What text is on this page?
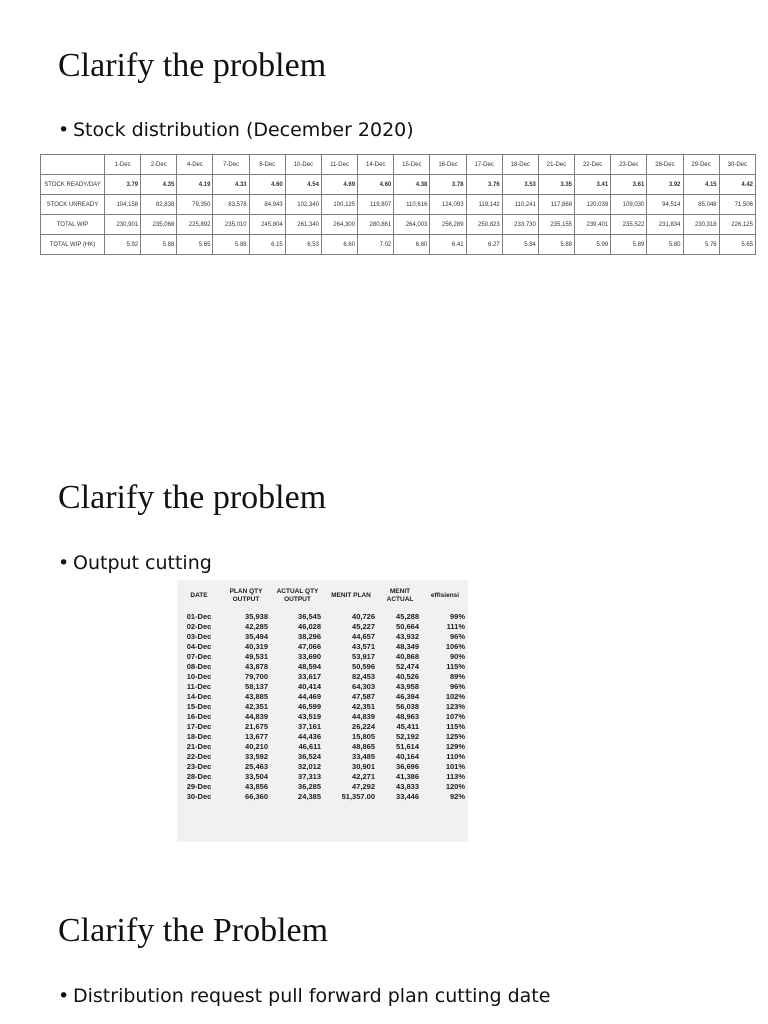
Clarify the problem

• Stock distribution (December 2020)

	1-Dec	2-Dec	4-Dec	7-Dec	8-Dec	10-Dec	11-Dec	14-Dec	15-Dec	16-Dec	17-Dec	18-Dec	21-Dec	22-Dec	23-Dec	28-Dec	29-Dec	30-Dec
STOCK READY/DAY	3.79	4.35	4.19	4.33	4.60	4.54	4.69	4.60	4.38	3.78	3.76	3.53	3.35	3.41	3.61	3.92	4.15	4.42
STOCK UNREADY	104,158	82,838	79,350	83,578	84,943	102,340	100,125	119,807	110,616	124,093	119,142	110,241	117,868	120,039	109,030	94,514	85,048	71,506
TOTAL WIP	230,901	235,068	225,892	235,010	245,804	261,340	264,300	280,861	264,003	256,289	250,823	233,730	235,155	239,401	235,522	231,834	230,318	226,125
TOTAL WIP (HK)	5.92	5.88	5.65	5.88	6.15	6.53	6.60	7.02	6.60	6.41	6.27	5.84	5.88	5.99	5.89	5.80	5.76	5.65
Clarify the problem

• Output cutting

DATE	PLAN QTY OUTPUT	ACTUAL QTY OUTPUT	MENIT PLAN	MENIT ACTUAL	effisiensi
01-Dec	35,938	36,545	40,726	45,288	99%
02-Dec	42,285	46,028	45,227	50,664	111%
03-Dec	35,494	38,296	44,657	43,932	96%
04-Dec	40,319	47,066	43,571	48,349	106%
07-Dec	49,531	33,690	53,917	40,868	90%
08-Dec	43,878	48,594	50,596	52,474	115%
10-Dec	79,700	33,617	82,453	40,526	89%
11-Dec	58,137	40,414	64,303	43,958	96%
14-Dec	43,885	44,469	47,587	46,394	102%
15-Dec	42,351	46,599	42,351	56,038	123%
16-Dec	44,839	43,519	44,839	48,963	107%
17-Dec	21,675	37,161	26,224	45,411	115%
18-Dec	13,677	44,436	15,805	52,192	125%
21-Dec	40,210	46,611	48,865	51,614	129%
22-Dec	33,592	36,524	33,485	40,164	110%
23-Dec	25,463	32,012	30,901	36,696	101%
28-Dec	33,504	37,313	42,271	41,386	113%
29-Dec	43,856	36,285	47,292	43,833	120%
30-Dec	66,360	24,385	51,357.00	33,446	92%
Clarify the Problem

• Distribution request pull forward plan cutting date
